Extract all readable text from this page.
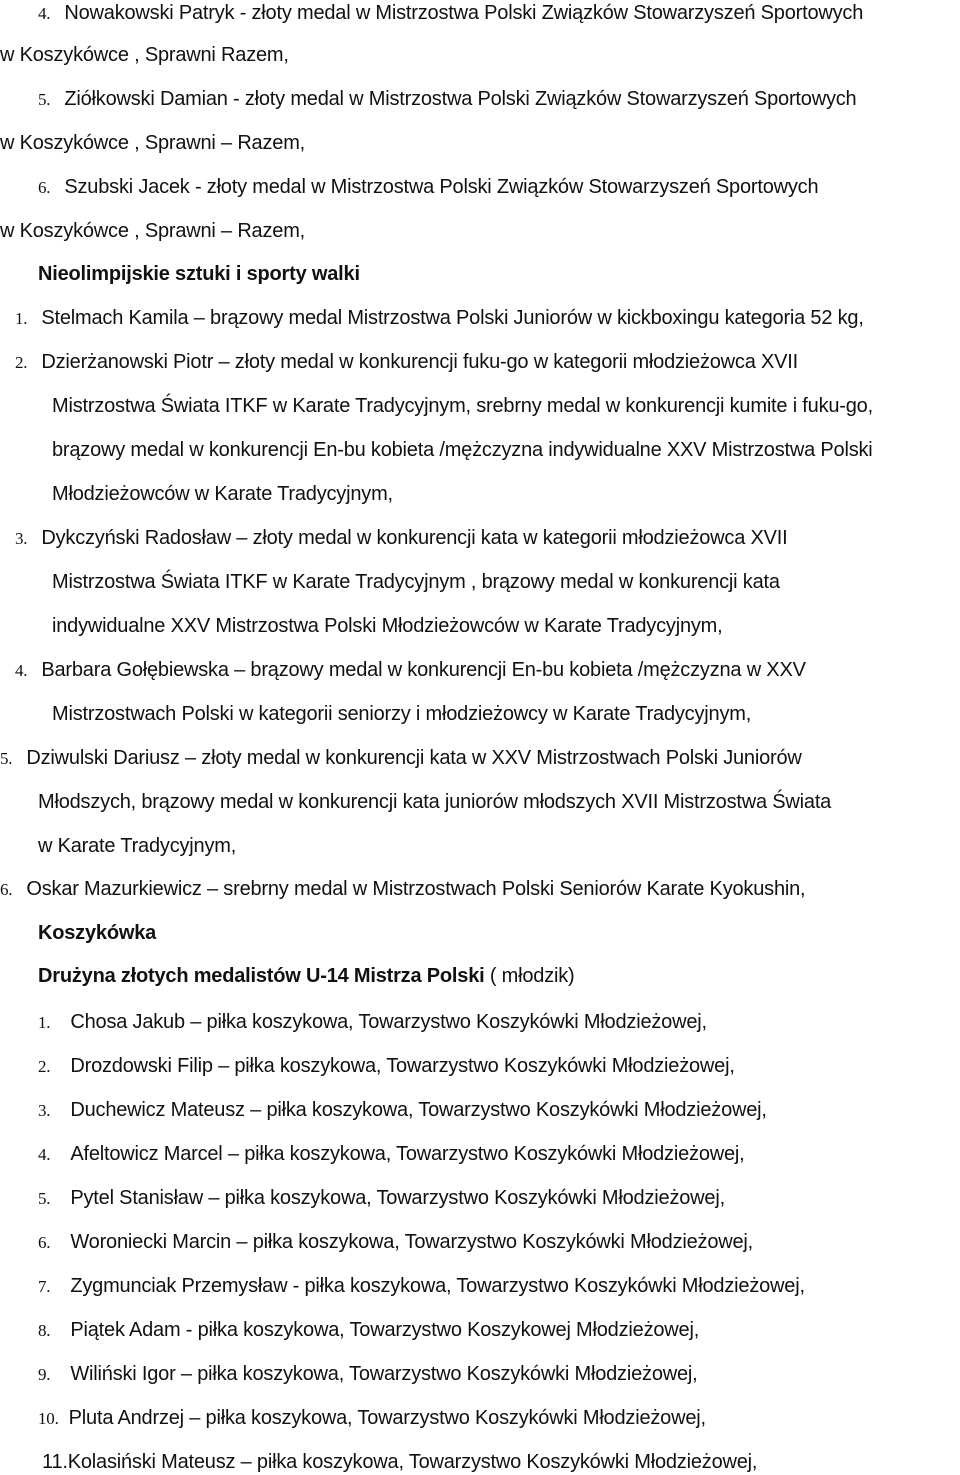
4. Nowakowski Patryk - złoty medal w Mistrzostwa Polski Związków Stowarzyszeń Sportowych
w Koszykówce , Sprawni Razem,
5. Ziółkowski Damian - złoty medal w Mistrzostwa Polski Związków Stowarzyszeń Sportowych
w Koszykówce , Sprawni – Razem,
6. Szubski Jacek - złoty medal w Mistrzostwa Polski Związków Stowarzyszeń Sportowych
w Koszykówce , Sprawni – Razem,
Nieolimpijskie sztuki i sporty walki
1. Stelmach Kamila – brązowy medal Mistrzostwa Polski Juniorów w kickboxingu kategoria 52 kg,
2. Dzierżanowski Piotr – złoty medal w konkurencji fuku-go w kategorii młodzieżowca XVII
Mistrzostwa Świata ITKF w Karate Tradycyjnym, srebrny medal w konkurencji kumite i fuku-go,
brązowy medal w konkurencji En-bu kobieta /mężczyzna indywidualne XXV Mistrzostwa Polski
Młodzieżowców w Karate Tradycyjnym,
3. Dykczyński Radosław – złoty medal w konkurencji kata w kategorii młodzieżowca XVII
Mistrzostwa Świata ITKF w Karate Tradycyjnym , brązowy medal w konkurencji kata
indywidualne XXV Mistrzostwa Polski Młodzieżowców w Karate Tradycyjnym,
4. Barbara Gołębiewska – brązowy medal w konkurencji En-bu kobieta /mężczyzna w XXV
Mistrzostwach Polski w kategorii seniorzy i młodzieżowcy w Karate Tradycyjnym,
5. Dziwulski Dariusz – złoty medal w konkurencji kata w XXV Mistrzostwach Polski Juniorów
Młodszych, brązowy medal w konkurencji kata juniorów młodszych XVII Mistrzostwa Świata
w Karate Tradycyjnym,
6. Oskar Mazurkiewicz – srebrny medal w Mistrzostwach Polski Seniorów Karate Kyokushin,
Koszykówka
Drużyna złotych medalistów U-14 Mistrza Polski ( młodzik)
1. Chosa Jakub – piłka koszykowa, Towarzystwo Koszykówki Młodzieżowej,
2. Drozdowski Filip – piłka koszykowa, Towarzystwo Koszykówki Młodzieżowej,
3. Duchewicz Mateusz – piłka koszykowa, Towarzystwo Koszykówki Młodzieżowej,
4. Afeltowicz Marcel – piłka koszykowa, Towarzystwo Koszykówki Młodzieżowej,
5. Pytel Stanisław – piłka koszykowa, Towarzystwo Koszykówki Młodzieżowej,
6. Woroniecki Marcin – piłka koszykowa, Towarzystwo Koszykówki Młodzieżowej,
7. Zygmunciak Przemysław - piłka koszykowa, Towarzystwo Koszykówki Młodzieżowej,
8. Piątek Adam - piłka koszykowa, Towarzystwo Koszykowej Młodzieżowej,
9. Wiliński Igor – piłka koszykowa, Towarzystwo Koszykówki Młodzieżowej,
10. Pluta Andrzej – piłka koszykowa, Towarzystwo Koszykówki Młodzieżowej,
11.Kolasiński Mateusz – piłka koszykowa, Towarzystwo Koszykówki Młodzieżowej,
